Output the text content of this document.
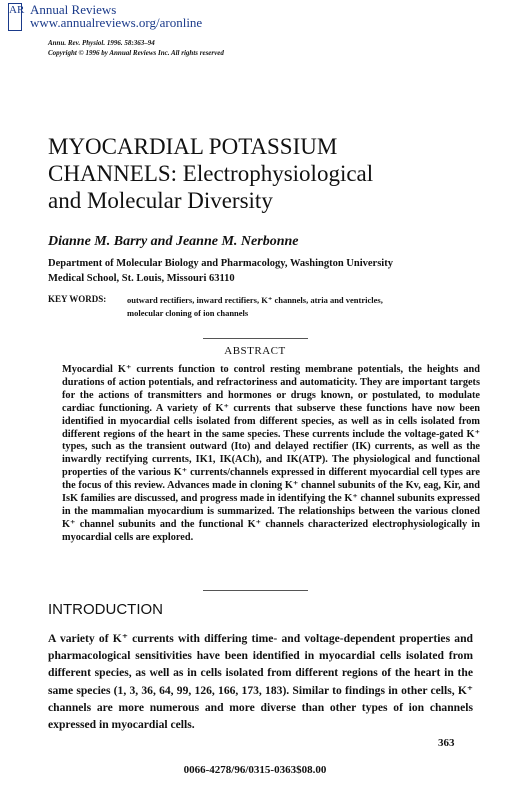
AR Annual Reviews
www.annualreviews.org/aronline
Annu. Rev. Physiol. 1996. 58:363–94
Copyright © 1996 by Annual Reviews Inc. All rights reserved
MYOCARDIAL POTASSIUM
CHANNELS: Electrophysiological
and Molecular Diversity
Dianne M. Barry and Jeanne M. Nerbonne
Department of Molecular Biology and Pharmacology, Washington University
Medical School, St. Louis, Missouri 63110
KEY WORDS: outward rectifiers, inward rectifiers, K⁺ channels, atria and ventricles,
molecular cloning of ion channels
ABSTRACT
Myocardial K⁺ currents function to control resting membrane potentials, the heights and durations of action potentials, and refractoriness and automaticity. They are important targets for the actions of transmitters and hormones or drugs known, or postulated, to modulate cardiac functioning. A variety of K⁺ currents that subserve these functions have now been identified in myocardial cells isolated from different species, as well as in cells isolated from different regions of the heart in the same species. These currents include the voltage-gated K⁺ types, such as the transient outward (Ito) and delayed rectifier (IK) currents, as well as the inwardly rectifying currents, IK1, IK(ACh), and IK(ATP). The physiological and functional properties of the various K⁺ currents/channels expressed in different myocardial cell types are the focus of this review. Advances made in cloning K⁺ channel subunits of the Kv, eag, Kir, and IsK families are discussed, and progress made in identifying the K⁺ channel subunits expressed in the mammalian myocardium is summarized. The relationships between the various cloned K⁺ channel subunits and the functional K⁺ channels characterized electrophysiologically in myocardial cells are explored.
INTRODUCTION
A variety of K⁺ currents with differing time- and voltage-dependent properties and pharmacological sensitivities have been identified in myocardial cells isolated from different species, as well as in cells isolated from different regions of the heart in the same species (1, 3, 36, 64, 99, 126, 166, 173, 183). Similar to findings in other cells, K⁺ channels are more numerous and more diverse than other types of ion channels expressed in myocardial cells.
363
0066-4278/96/0315-0363$08.00
